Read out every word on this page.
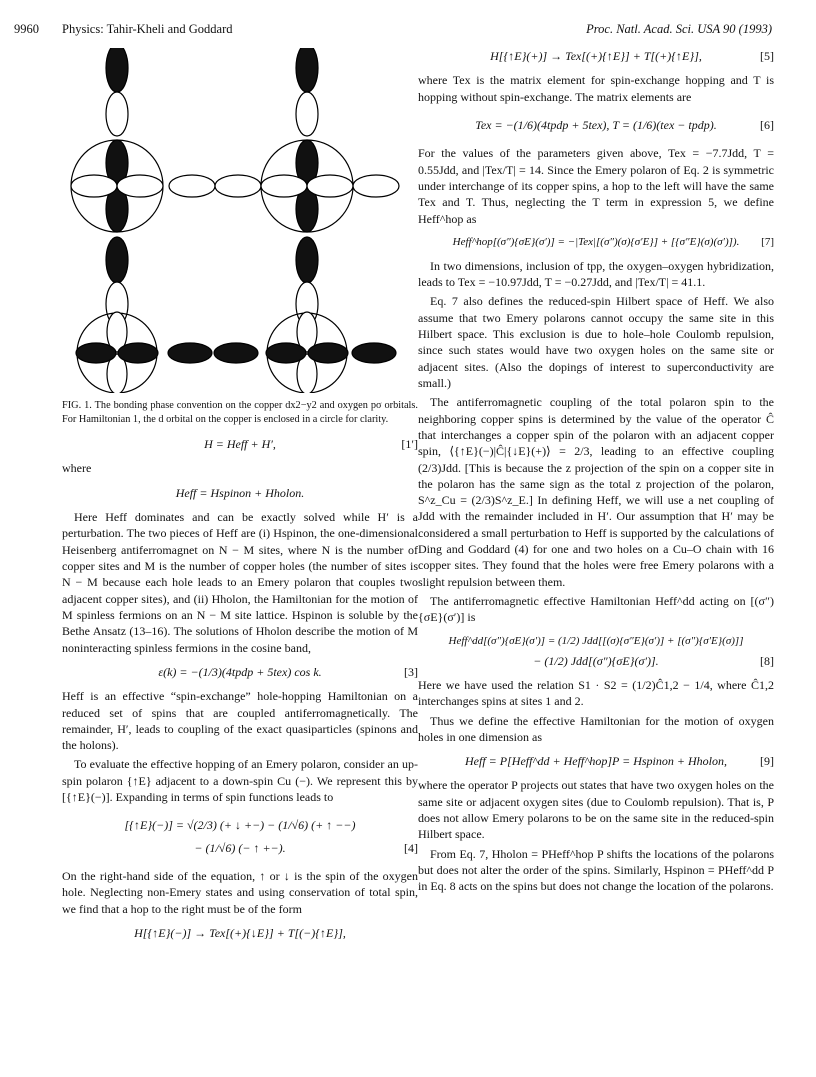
9960 Physics: Tahir-Kheli and Goddard	Proc. Natl. Acad. Sci. USA 90 (1993)

FIG. 1. The bonding phase convention on the copper dx2−y2 and oxygen pσ orbitals. For Hamiltonian 1, the d orbital on the copper is enclosed in a circle for clarity.

H = Heff + H′,	[1′]

where

Heff = Hspinon + Hholon.

Here Heff dominates and can be exactly solved while H′ is a perturbation. The two pieces of Heff are (i) Hspinon, the one-dimensional Heisenberg antiferromagnet on N − M sites, where N is the number of copper sites and M is the number of copper holes (the number of sites is N − M because each hole leads to an Emery polaron that couples two adjacent copper sites), and (ii) Hholon, the Hamiltonian for the motion of M spinless fermions on an N − M site lattice. Hspinon is soluble by the Bethe Ansatz (13–16). The solutions of Hholon describe the motion of M noninteracting spinless fermions in the cosine band,

ε(k) = −(1/3)(4tpdp + 5tex) cos k.	[3]

Heff is an effective “spin-exchange” hole-hopping Hamiltonian on a reduced set of spins that are coupled antiferromagnetically. The remainder, H′, leads to coupling of the exact quasiparticles (spinons and the holons).

To evaluate the effective hopping of an Emery polaron, consider an up-spin polaron {↑E} adjacent to a down-spin Cu (−). We represent this by [{↑E}(−)]. Expanding in terms of spin functions leads to

[{↑E}(−)] = √(2/3) (+ ↓ +−) − (1/√6) (+ ↑ −−)
− (1/√6) (− ↑ +−).	[4]

On the right-hand side of the equation, ↑ or ↓ is the spin of the oxygen hole. Neglecting non-Emery states and using conservation of total spin, we find that a hop to the right must be of the form

H[{↑E}(−)] → Tex[(+){↓E}] + T[(−){↑E}],
H[{↑E}(+)] → Tex[(+){↑E}] + T[(+){↑E}],	[5]

where Tex is the matrix element for spin-exchange hopping and T is hopping without spin-exchange. The matrix elements are

Tex = −(1/6)(4tpdp + 5tex), T = (1/6)(tex − tpdp).	[6]

For the values of the parameters given above, Tex = −7.7Jdd, T = 0.55Jdd, and |Tex/T| = 14. Since the Emery polaron of Eq. 2 is symmetric under interchange of its copper spins, a hop to the left will have the same Tex and T. Thus, neglecting the T term in expression 5, we define Heff^hop as

Heff^hop[(σ″){σE}(σ′)] = −|Tex|[(σ″)(σ){σ′E}] + [{σ″E}(σ)(σ′)]). [7]

In two dimensions, inclusion of tpp, the oxygen–oxygen hybridization, leads to Tex = −10.97Jdd, T = −0.27Jdd, and |Tex/T| = 41.1.

Eq. 7 also defines the reduced-spin Hilbert space of Heff. We also assume that two Emery polarons cannot occupy the same site in this Hilbert space. This exclusion is due to hole–hole Coulomb repulsion, since such states would have two oxygen holes on the same site or adjacent sites. (Also the dopings of interest to superconductivity are small.)

The antiferromagnetic coupling of the total polaron spin to the neighboring copper spins is determined by the value of the operator Ĉ that interchanges a copper spin of the polaron with an adjacent copper spin, ⟨{↑E}(−)|Ĉ|{↓E}(+)⟩ = 2/3, leading to an effective coupling (2/3)Jdd. [This is because the z projection of the spin on a copper site in the polaron has the same sign as the total z projection of the polaron, S^z_Cu = (2/3)S^z_E.] In defining Heff, we will use a net coupling of Jdd with the remainder included in H′. Our assumption that H′ may be considered a small perturbation to Heff is supported by the calculations of Ding and Goddard (4) for one and two holes on a Cu–O chain with 16 copper sites. They found that the holes were free Emery polarons with a slight repulsion between them.

The antiferromagnetic effective Hamiltonian Heff^dd acting on [(σ″){σE}(σ′)] is

Heff^dd[(σ″){σE}(σ′)] = (1/2) Jdd[[(σ){σ″E}(σ′)] + [(σ″){σ′E}(σ)]]
− (1/2) Jdd[(σ″){σE}(σ′)].	[8]

Here we have used the relation S1 · S2 = (1/2)Ĉ1,2 − 1/4, where Ĉ1,2 interchanges spins at sites 1 and 2.

Thus we define the effective Hamiltonian for the motion of oxygen holes in one dimension as

Heff = P[Heff^dd + Heff^hop]P = Hspinon + Hholon,	[9]

where the operator P projects out states that have two oxygen holes on the same site or adjacent oxygen sites (due to Coulomb repulsion). That is, P does not allow Emery polarons to be on the same site in the reduced-spin Hilbert space.

From Eq. 7, Hholon = PHeff^hop P shifts the locations of the polarons but does not alter the order of the spins. Similarly, Hspinon = PHeff^dd P in Eq. 8 acts on the spins but does not change the location of the polarons.
